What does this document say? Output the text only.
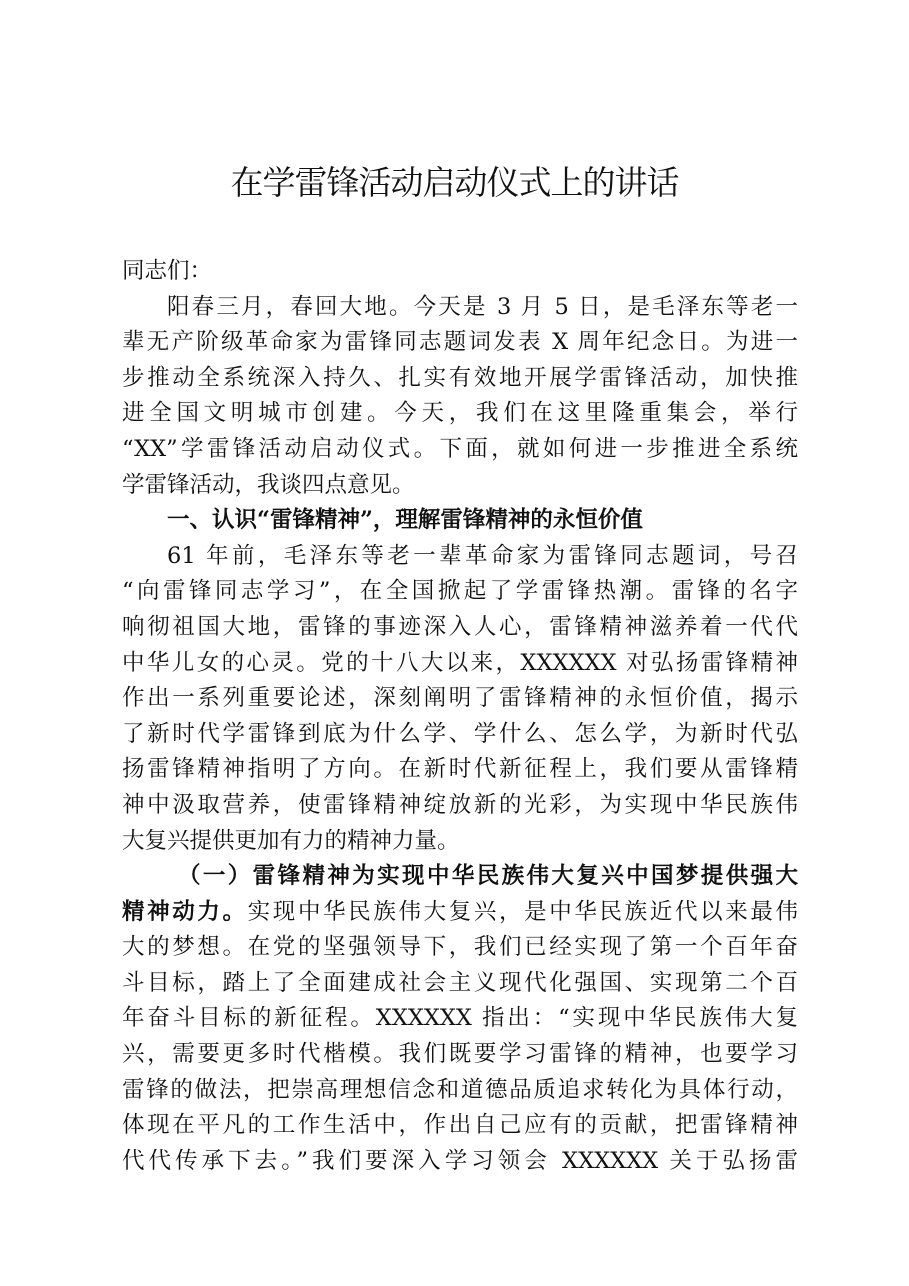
在学雷锋活动启动仪式上的讲话
同志们：
阳春三月，春回大地。今天是 3 月 5 日，是毛泽东等老一
辈无产阶级革命家为雷锋同志题词发表 X 周年纪念日。为进一
步推动全系统深入持久、扎实有效地开展学雷锋活动，加快推
进全国文明城市创建。今天，我们在这里隆重集会，举行
“XX”学雷锋活动启动仪式。下面，就如何进一步推进全系统
学雷锋活动，我谈四点意见。
一、认识“雷锋精神”，理解雷锋精神的永恒价值
61 年前，毛泽东等老一辈革命家为雷锋同志题词，号召
“向雷锋同志学习”，在全国掀起了学雷锋热潮。雷锋的名字
响彻祖国大地，雷锋的事迹深入人心，雷锋精神滋养着一代代
中华儿女的心灵。党的十八大以来，XXXXXX 对弘扬雷锋精神
作出一系列重要论述，深刻阐明了雷锋精神的永恒价值，揭示
了新时代学雷锋到底为什么学、学什么、怎么学，为新时代弘
扬雷锋精神指明了方向。在新时代新征程上，我们要从雷锋精
神中汲取营养，使雷锋精神绽放新的光彩，为实现中华民族伟
大复兴提供更加有力的精神力量。
（一）雷锋精神为实现中华民族伟大复兴中国梦提供强大
精神动力。实现中华民族伟大复兴，是中华民族近代以来最伟
大的梦想。在党的坚强领导下，我们已经实现了第一个百年奋
斗目标，踏上了全面建成社会主义现代化强国、实现第二个百
年奋斗目标的新征程。XXXXXX 指出：“实现中华民族伟大复
兴，需要更多时代楷模。我们既要学习雷锋的精神，也要学习
雷锋的做法，把崇高理想信念和道德品质追求转化为具体行动，
体现在平凡的工作生活中，作出自己应有的贡献，把雷锋精神
代代传承下去。”我们要深入学习领会 XXXXXX 关于弘扬雷
